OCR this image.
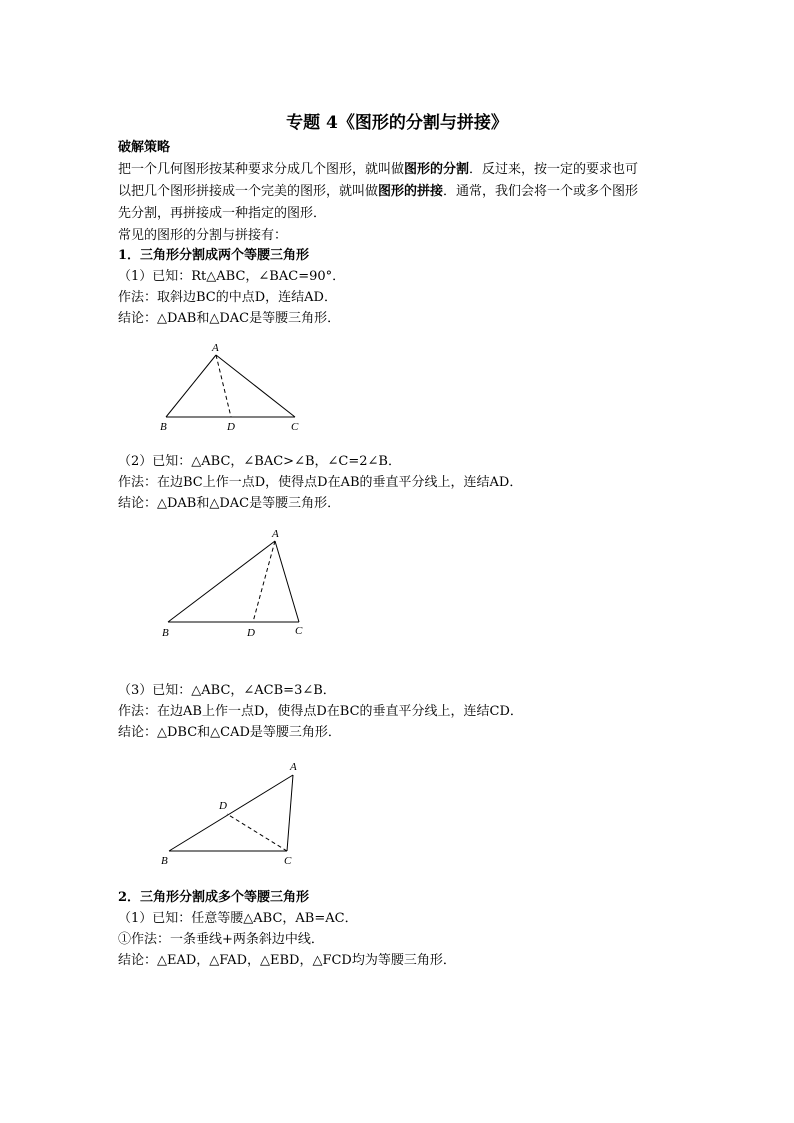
专题 4《图形的分割与拼接》
破解策略
把一个几何图形按某种要求分成几个图形，就叫做图形的分割．反过来，按一定的要求也可
以把几个图形拼接成一个完美的图形，就叫做图形的拼接．通常，我们会将一个或多个图形
先分割，再拼接成一种指定的图形．
常见的图形的分割与拼接有：
1．三角形分割成两个等腰三角形
（1）已知：Rt△ABC，∠BAC=90°．
作法：取斜边BC的中点D，连结AD．
结论：△DAB和△DAC是等腰三角形．
A
B	D	C
（2）已知：△ABC，∠BAC>∠B，∠C=2∠B．
作法：在边BC上作一点D，使得点D在AB的垂直平分线上，连结AD．
结论：△DAB和△DAC是等腰三角形．
A
B	D	C
（3）已知：△ABC，∠ACB=3∠B．
作法：在边AB上作一点D，使得点D在BC的垂直平分线上，连结CD．
结论：△DBC和△CAD是等腰三角形．
A
D
B	C
2．三角形分割成多个等腰三角形
（1）已知：任意等腰△ABC，AB=AC．
①作法：一条垂线+两条斜边中线．
结论：△EAD，△FAD，△EBD，△FCD均为等腰三角形．
